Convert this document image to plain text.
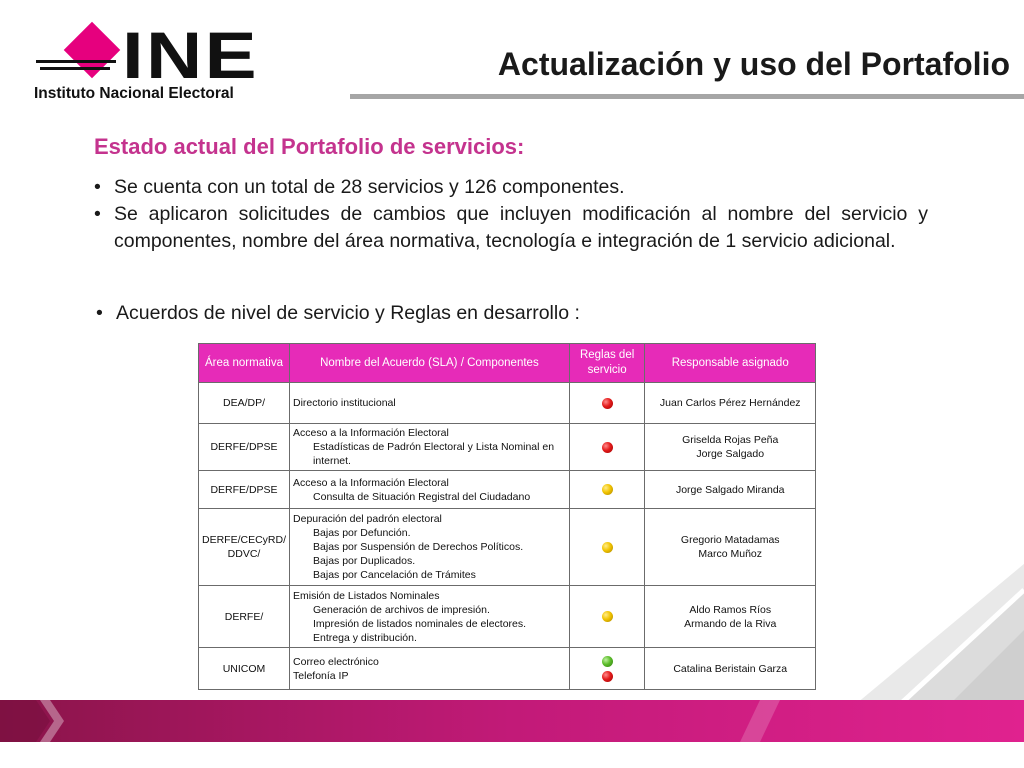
INE
Instituto Nacional Electoral
Actualización y uso del Portafolio
Estado actual del Portafolio de servicios:
• Se cuenta con un total de 28 servicios y 126 componentes.
• Se aplicaron solicitudes de cambios que incluyen modificación al nombre del servicio y componentes, nombre del área normativa, tecnología e integración de 1 servicio adicional.
• Acuerdos de nivel de servicio y Reglas en desarrollo :
Área normativa	Nombre del Acuerdo (SLA) / Componentes	Reglas del servicio	Responsable asignado
DEA/DP/	Directorio institucional		Juan Carlos Pérez Hernández

DERFE/DPSE	Acceso a la Información Electoral
Estadísticas de Padrón Electoral y Lista Nominal en internet.		Griselda Rojas Peña
Jorge Salgado

DERFE/DPSE	Acceso a la Información Electoral
Consulta de Situación Registral del Ciudadano		Jorge Salgado Miranda

DERFE/CECyRD/ DDVC/	Depuración del padrón electoral
Bajas por Defunción.
Bajas por Suspensión de Derechos Políticos.
Bajas por Duplicados.
Bajas por Cancelación de Trámites		Gregorio Matadamas
Marco Muñoz

DERFE/	Emisión de Listados Nominales
Generación de archivos de impresión.
Impresión de listados nominales de electores.
Entrega y distribución.		Aldo Ramos Ríos
Armando de la Riva

UNICOM	Correo electrónico
Telefonía IP		Catalina Beristain Garza
